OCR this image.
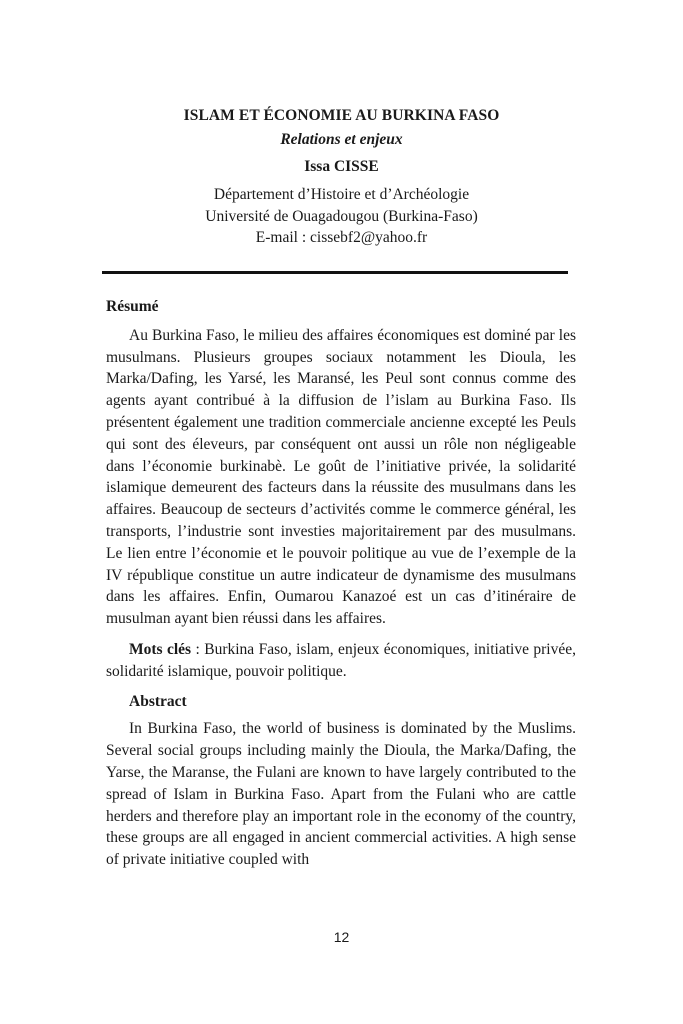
ISLAM ET ÉCONOMIE AU BURKINA FASO
Relations et enjeux
Issa CISSE
Département d’Histoire et d’Archéologie
Université de Ouagadougou (Burkina-Faso)
E-mail : cissebf2@yahoo.fr

Résumé

Au Burkina Faso, le milieu des affaires économiques est dominé par les musulmans. Plusieurs groupes sociaux notamment les Dioula, les Marka/Dafing, les Yarsé, les Maransé, les Peul sont connus comme des agents ayant contribué à la diffusion de l’islam au Burkina Faso. Ils présentent également une tradition commerciale ancienne excepté les Peuls qui sont des éleveurs, par conséquent ont aussi un rôle non négligeable dans l’économie burkinabè. Le goût de l’initiative privée, la solidarité islamique demeurent des facteurs dans la réussite des musulmans dans les affaires. Beaucoup de secteurs d’activités comme le commerce général, les transports, l’industrie sont investies majoritairement par des musulmans. Le lien entre l’économie et le pouvoir politique au vue de l’exemple de la IV république constitue un autre indicateur de dynamisme des musulmans dans les affaires. Enfin, Oumarou Kanazoé est un cas d’itinéraire de musulman ayant bien réussi dans les affaires.

Mots clés : Burkina Faso, islam, enjeux économiques, initiative privée, solidarité islamique, pouvoir politique.

Abstract

In Burkina Faso, the world of business is dominated by the Muslims. Several social groups including mainly the Dioula, the Marka/Dafing, the Yarse, the Maranse, the Fulani are known to have largely contributed to the spread of Islam in Burkina Faso. Apart from the Fulani who are cattle herders and therefore play an important role in the economy of the country, these groups are all engaged in ancient commercial activities. A high sense of private initiative coupled with

12
